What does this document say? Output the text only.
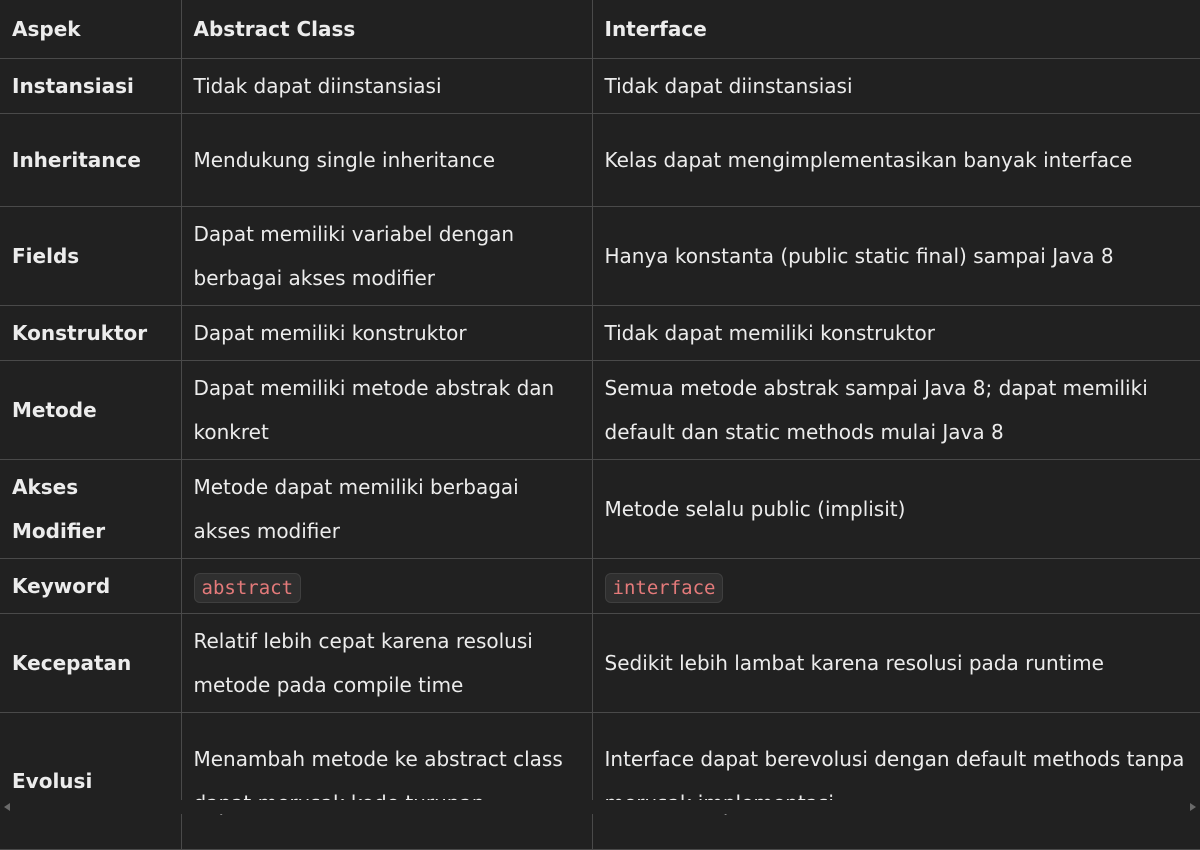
Aspek	Abstract Class	Interface
Instansiasi	Tidak dapat diinstansiasi	Tidak dapat diinstansiasi
Inheritance	Mendukung single inheritance	Kelas dapat mengimplementasikan banyak interface
Fields	Dapat memiliki variabel dengan berbagai akses modifier	Hanya konstanta (public static final) sampai Java 8
Konstruktor	Dapat memiliki konstruktor	Tidak dapat memiliki konstruktor
Metode	Dapat memiliki metode abstrak dan konkret	Semua metode abstrak sampai Java 8; dapat memiliki default dan static methods mulai Java 8
Akses Modifier	Metode dapat memiliki berbagai akses modifier	Metode selalu public (implisit)
Keyword	abstract	interface
Kecepatan	Relatif lebih cepat karena resolusi metode pada compile time	Sedikit lebih lambat karena resolusi pada runtime
Evolusi	Menambah metode ke abstract class	Interface dapat berevolusi dengan default methods tanpa
